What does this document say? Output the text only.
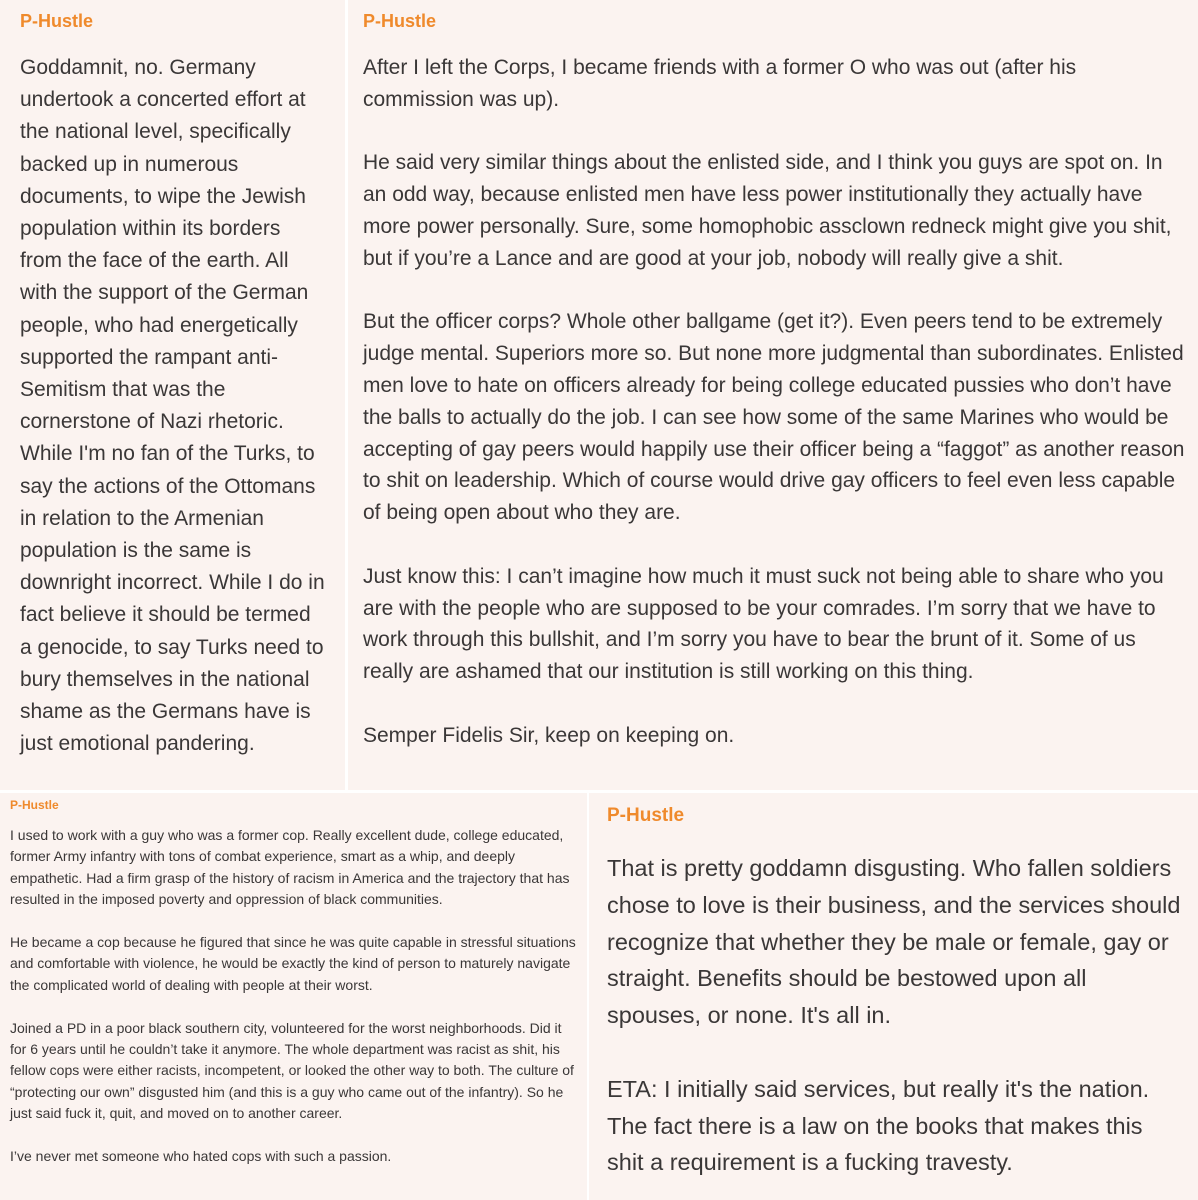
P-Hustle

Goddamnit, no. Germany undertook a concerted effort at the national level, specifically backed up in numerous documents, to wipe the Jewish population within its borders from the face of the earth. All with the support of the German people, who had energetically supported the rampant anti-Semitism that was the cornerstone of Nazi rhetoric. While I'm no fan of the Turks, to say the actions of the Ottomans in relation to the Armenian population is the same is downright incorrect. While I do in fact believe it should be termed a genocide, to say Turks need to bury themselves in the national shame as the Germans have is just emotional pandering.

P-Hustle

After I left the Corps, I became friends with a former O who was out (after his commission was up).

He said very similar things about the enlisted side, and I think you guys are spot on. In an odd way, because enlisted men have less power institutionally they actually have more power personally. Sure, some homophobic assclown redneck might give you shit, but if you’re a Lance and are good at your job, nobody will really give a shit.

But the officer corps? Whole other ballgame (get it?). Even peers tend to be extremely judge mental. Superiors more so. But none more judgmental than subordinates. Enlisted men love to hate on officers already for being college educated pussies who don’t have the balls to actually do the job. I can see how some of the same Marines who would be accepting of gay peers would happily use their officer being a “faggot” as another reason to shit on leadership. Which of course would drive gay officers to feel even less capable of being open about who they are.

Just know this: I can’t imagine how much it must suck not being able to share who you are with the people who are supposed to be your comrades. I’m sorry that we have to work through this bullshit, and I’m sorry you have to bear the brunt of it. Some of us really are ashamed that our institution is still working on this thing.

Semper Fidelis Sir, keep on keeping on.

P-Hustle

I used to work with a guy who was a former cop. Really excellent dude, college educated, former Army infantry with tons of combat experience, smart as a whip, and deeply empathetic. Had a firm grasp of the history of racism in America and the trajectory that has resulted in the imposed poverty and oppression of black communities.

He became a cop because he figured that since he was quite capable in stressful situations and comfortable with violence, he would be exactly the kind of person to maturely navigate the complicated world of dealing with people at their worst.

Joined a PD in a poor black southern city, volunteered for the worst neighborhoods. Did it for 6 years until he couldn’t take it anymore. The whole department was racist as shit, his fellow cops were either racists, incompetent, or looked the other way to both. The culture of “protecting our own” disgusted him (and this is a guy who came out of the infantry). So he just said fuck it, quit, and moved on to another career.

I’ve never met someone who hated cops with such a passion.

P-Hustle

That is pretty goddamn disgusting. Who fallen soldiers chose to love is their business, and the services should recognize that whether they be male or female, gay or straight. Benefits should be bestowed upon all spouses, or none. It's all in.

ETA: I initially said services, but really it's the nation. The fact there is a law on the books that makes this shit a requirement is a fucking travesty.
